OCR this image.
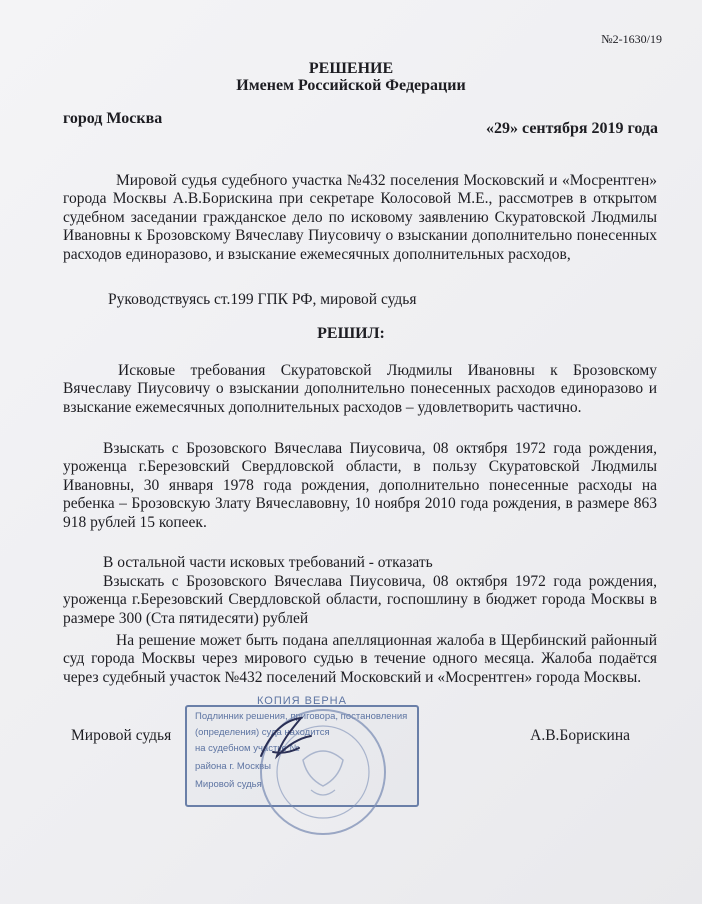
№2-1630/19
РЕШЕНИЕ
Именем Российской Федерации
город Москва
«29» сентября 2019 года
Мировой судья судебного участка №432 поселения Московский и «Мосрентген» города Москвы А.В.Борискина при секретаре Колосовой М.Е., рассмотрев в открытом судебном заседании гражданское дело по исковому заявлению Скуратовской Людмилы Ивановны к Брозовскому Вячеславу Пиусовичу о взыскании дополнительно понесенных расходов единоразово, и взыскание ежемесячных дополнительных расходов,
Руководствуясь ст.199 ГПК РФ, мировой судья
РЕШИЛ:
Исковые требования Скуратовской Людмилы Ивановны к Брозовскому Вячеславу Пиусовичу о взыскании дополнительно понесенных расходов единоразово и взыскание ежемесячных дополнительных расходов – удовлетворить частично.
Взыскать с Брозовского Вячеслава Пиусовича, 08 октября 1972 года рождения, уроженца г.Березовский Свердловской области, в пользу Скуратовской Людмилы Ивановны, 30 января 1978 года рождения, дополнительно понесенные расходы на ребенка – Брозовскую Злату Вячеславовну, 10 ноября 2010 года рождения, в размере 863 918 рублей 15 копеек.
В остальной части исковых требований - отказать
Взыскать с Брозовского Вячеслава Пиусовича, 08 октября 1972 года рождения, уроженца г.Березовский Свердловской области, госпошлину в бюджет города Москвы в размере 300 (Ста пятидесяти) рублей
На решение может быть подана апелляционная жалоба в Щербинский районный суд города Москвы через мирового судью в течение одного месяца. Жалоба подаётся через судебный участок №432 поселений Московский и «Мосрентген» города Москвы.
КОПИЯ ВЕРНА
Подлинник решения, приговора, постановления
(определения) суда находится
на судебном участке №
района г. Москвы
Мировой судья
Мировой судья	А.В.Борискина
